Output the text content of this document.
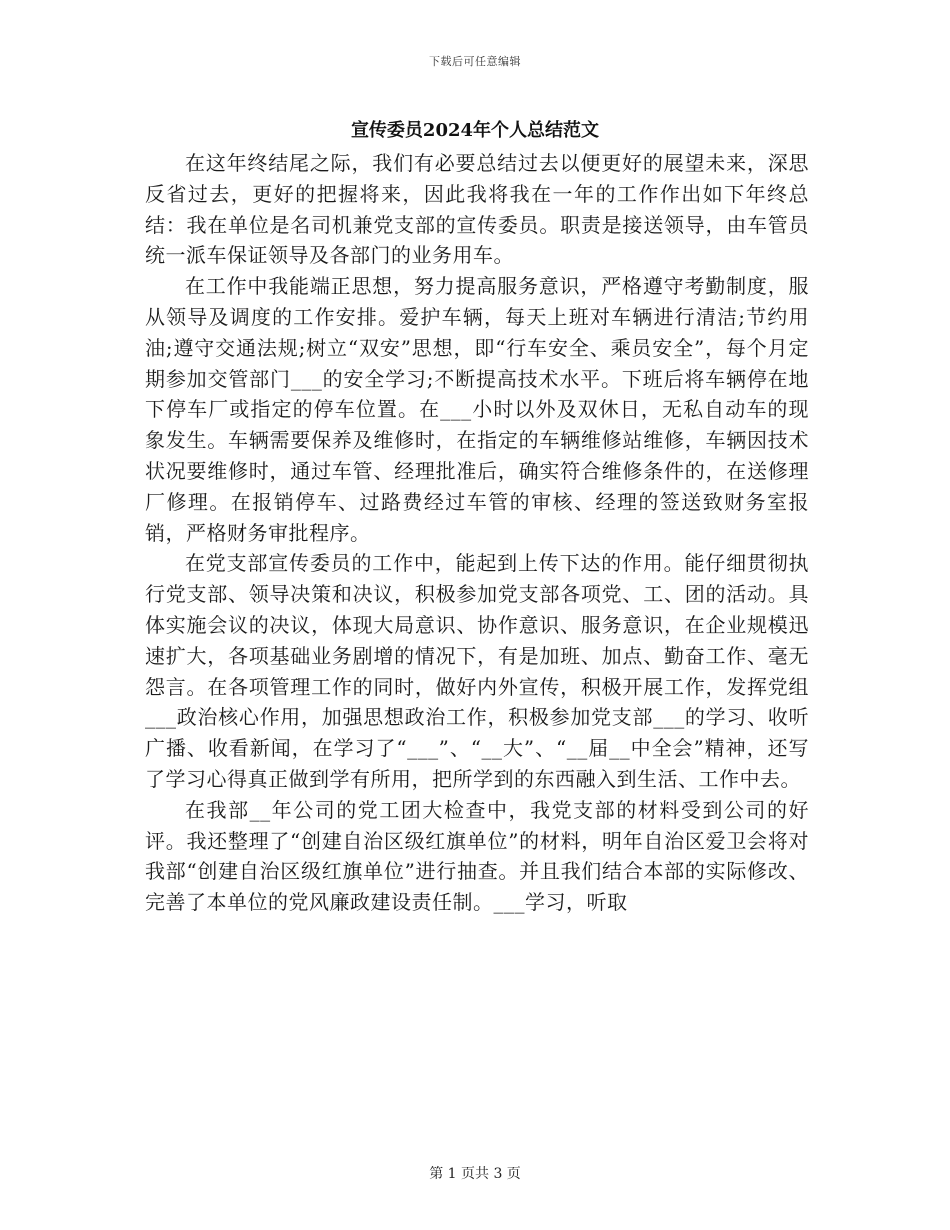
下载后可任意编辑
宣传委员2024年个人总结范文

在这年终结尾之际，我们有必要总结过去以便更好的展望未来，深思反省过去，更好的把握将来，因此我将我在一年的工作作出如下年终总结：我在单位是名司机兼党支部的宣传委员。职责是接送领导，由车管员统一派车保证领导及各部门的业务用车。

在工作中我能端正思想，努力提高服务意识，严格遵守考勤制度，服从领导及调度的工作安排。爱护车辆，每天上班对车辆进行清洁;节约用油;遵守交通法规;树立“双安”思想，即“行车安全、乘员安全”，每个月定期参加交管部门___的安全学习;不断提高技术水平。下班后将车辆停在地下停车厂或指定的停车位置。在___小时以外及双休日，无私自动车的现象发生。车辆需要保养及维修时，在指定的车辆维修站维修，车辆因技术状况要维修时，通过车管、经理批准后，确实符合维修条件的，在送修理厂修理。在报销停车、过路费经过车管的审核、经理的签送致财务室报销，严格财务审批程序。

在党支部宣传委员的工作中，能起到上传下达的作用。能仔细贯彻执行党支部、领导决策和决议，积极参加党支部各项党、工、团的活动。具体实施会议的决议，体现大局意识、协作意识、服务意识，在企业规模迅速扩大，各项基础业务剧增的情况下，有是加班、加点、勤奋工作、毫无怨言。在各项管理工作的同时，做好内外宣传，积极开展工作，发挥党组___政治核心作用，加强思想政治工作，积极参加党支部___的学习、收听广播、收看新闻，在学习了“___”、“__大”、“__届__中全会”精神，还写了学习心得真正做到学有所用，把所学到的东西融入到生活、工作中去。

在我部__年公司的党工团大检查中，我党支部的材料受到公司的好评。我还整理了“创建自治区级红旗单位”的材料，明年自治区爱卫会将对我部“创建自治区级红旗单位”进行抽查。并且我们结合本部的实际修改、完善了本单位的党风廉政建设责任制。___学习，听取

第 1 页共 3 页
